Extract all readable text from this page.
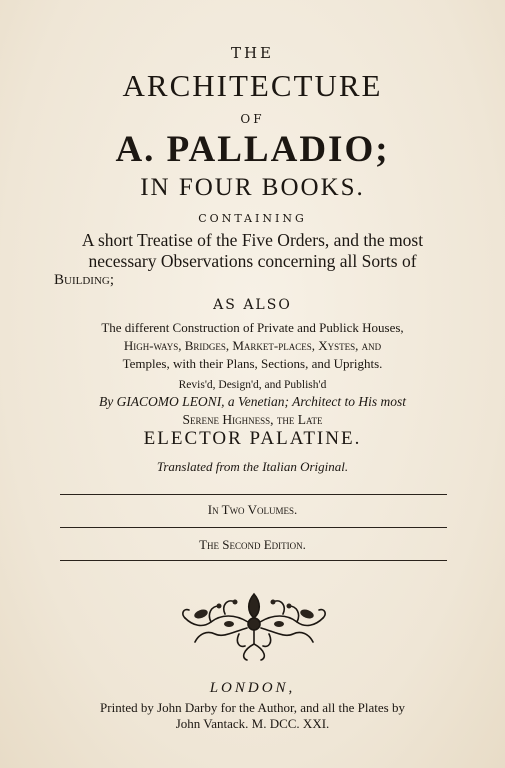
THE
ARCHITECTURE
OF
A. PALLADIO;
IN FOUR BOOKS.
CONTAINING
A short Treatise of the Five Orders, and the most
necessary Observations concerning all Sorts of
Building;
AS ALSO
The different Construction of Private and Publick Houses,
High-ways, Bridges, Market-places, Xystes, and
Temples, with their Plans, Sections, and Uprights.
Revis'd, Design'd, and Publish'd
By GIACOMO LEONI, a Venetian; Architect to His most
Serene Highness, the Late
ELECTOR PALATINE.
Translated from the Italian Original.
In Two Volumes.
The Second Edition.
LONDON,
Printed by John Darby for the Author, and all the Plates by
John Vantack. M. DCC. XXI.
